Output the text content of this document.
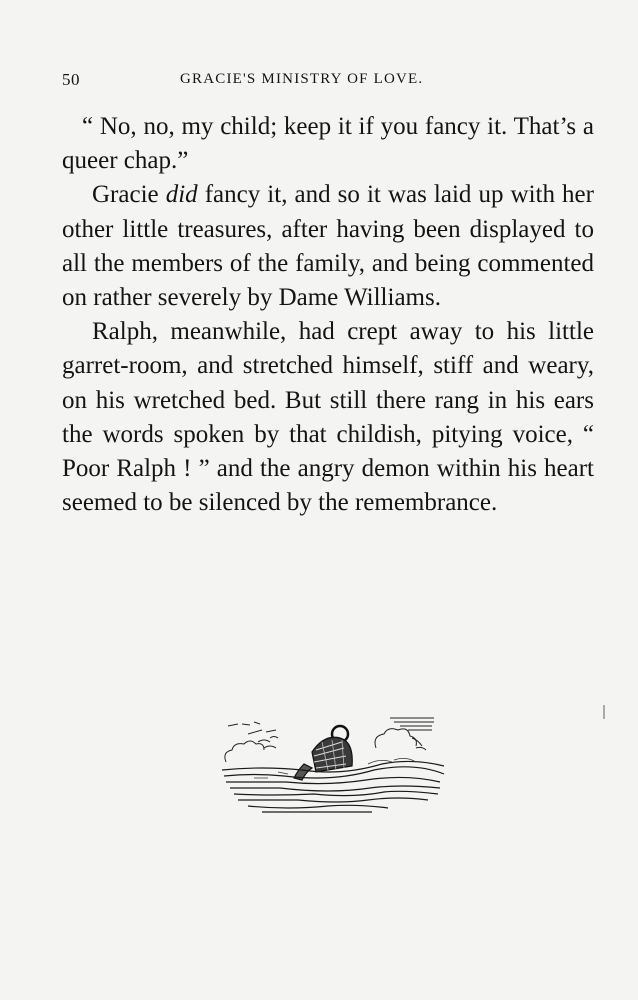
50	GRACIE'S MINISTRY OF LOVE.

“ No, no, my child; keep it if you fancy it. That’s a queer chap.”

Gracie did fancy it, and so it was laid up with her other little treasures, after having been displayed to all the members of the family, and being commented on rather severely by Dame Williams.

Ralph, meanwhile, had crept away to his little garret-room, and stretched himself, stiff and weary, on his wretched bed. But still there rang in his ears the words spoken by that childish, pitying voice, “ Poor Ralph ! ” and the angry demon within his heart seemed to be silenced by the remembrance.
